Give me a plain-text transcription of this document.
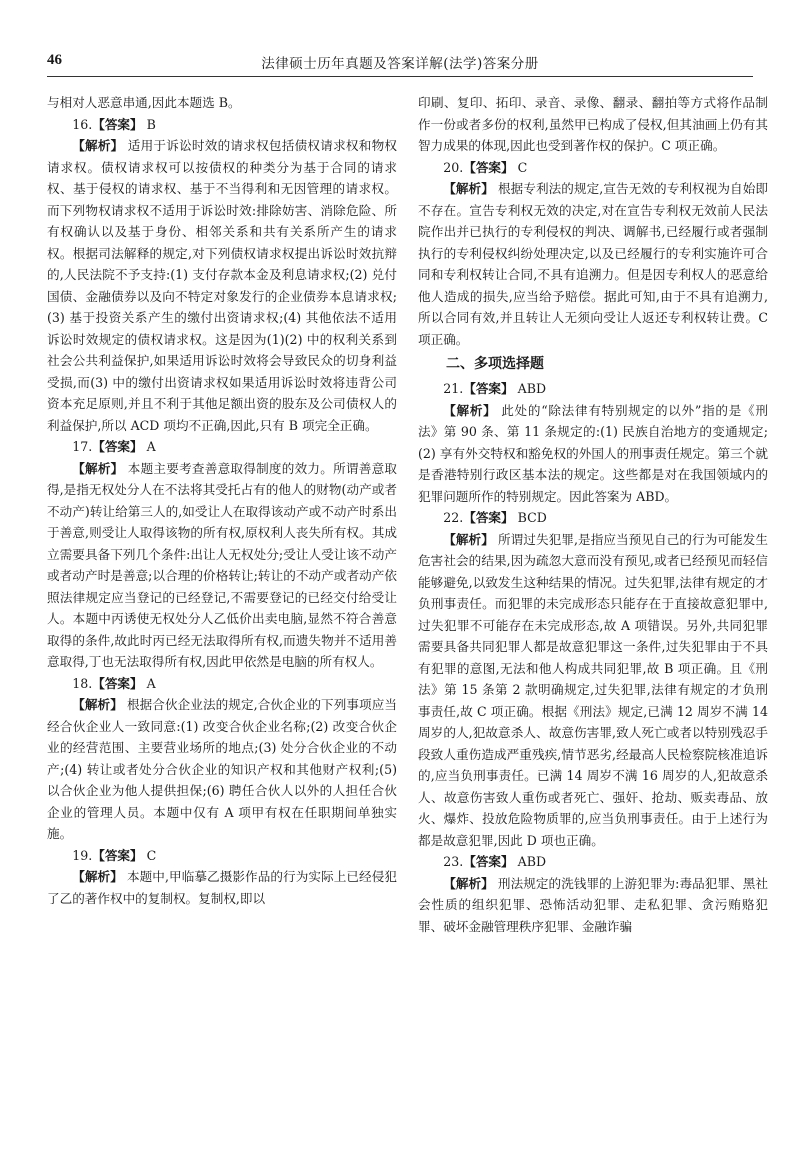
46	法律硕士历年真题及答案详解(法学)答案分册

与相对人恶意串通,因此本题选 B。

16.【答案】 B

【解析】 适用于诉讼时效的请求权包括债权请求权和物权请求权。债权请求权可以按债权的种类分为基于合同的请求权、基于侵权的请求权、基于不当得利和无因管理的请求权。而下列物权请求权不适用于诉讼时效:排除妨害、消除危险、所有权确认以及基于身份、相邻关系和共有关系所产生的请求权。根据司法解释的规定,对下列债权请求权提出诉讼时效抗辩的,人民法院不予支持:(1) 支付存款本金及利息请求权;(2) 兑付国债、金融债券以及向不特定对象发行的企业债券本息请求权;(3) 基于投资关系产生的缴付出资请求权;(4) 其他依法不适用诉讼时效规定的债权请求权。这是因为(1)(2) 中的权利关系到社会公共利益保护,如果适用诉讼时效将会导致民众的切身利益受损,而(3) 中的缴付出资请求权如果适用诉讼时效将违背公司资本充足原则,并且不利于其他足额出资的股东及公司债权人的利益保护,所以 ACD 项均不正确,因此,只有 B 项完全正确。

17.【答案】 A

【解析】 本题主要考查善意取得制度的效力。所谓善意取得,是指无权处分人在不法将其受托占有的他人的财物(动产或者不动产)转让给第三人的,如受让人在取得该动产或不动产时系出于善意,则受让人取得该物的所有权,原权利人丧失所有权。其成立需要具备下列几个条件:出让人无权处分;受让人受让该不动产或者动产时是善意;以合理的价格转让;转让的不动产或者动产依照法律规定应当登记的已经登记,不需要登记的已经交付给受让人。本题中丙诱使无权处分人乙低价出卖电脑,显然不符合善意取得的条件,故此时丙已经无法取得所有权,而遗失物并不适用善意取得,丁也无法取得所有权,因此甲依然是电脑的所有权人。

18.【答案】 A

【解析】 根据合伙企业法的规定,合伙企业的下列事项应当经合伙企业人一致同意:(1) 改变合伙企业名称;(2) 改变合伙企业的经营范围、主要营业场所的地点;(3) 处分合伙企业的不动产;(4) 转让或者处分合伙企业的知识产权和其他财产权利;(5) 以合伙企业为他人提供担保;(6) 聘任合伙人以外的人担任合伙企业的管理人员。本题中仅有 A 项甲有权在任职期间单独实施。

19.【答案】 C

【解析】 本题中,甲临摹乙摄影作品的行为实际上已经侵犯了乙的著作权中的复制权。复制权,即以

印刷、复印、拓印、录音、录像、翻录、翻拍等方式将作品制作一份或者多份的权利,虽然甲已构成了侵权,但其油画上仍有其智力成果的体现,因此也受到著作权的保护。C 项正确。

20.【答案】 C

【解析】 根据专利法的规定,宣告无效的专利权视为自始即不存在。宣告专利权无效的决定,对在宣告专利权无效前人民法院作出并已执行的专利侵权的判决、调解书,已经履行或者强制执行的专利侵权纠纷处理决定,以及已经履行的专利实施许可合同和专利权转让合同,不具有追溯力。但是因专利权人的恶意给他人造成的损失,应当给予赔偿。据此可知,由于不具有追溯力,所以合同有效,并且转让人无须向受让人返还专利权转让费。C 项正确。

二、多项选择题

21.【答案】 ABD

【解析】 此处的“除法律有特别规定的以外”指的是《刑法》第 90 条、第 11 条规定的:(1) 民族自治地方的变通规定;(2) 享有外交特权和豁免权的外国人的刑事责任规定。第三个就是香港特别行政区基本法的规定。这些都是对在我国领域内的犯罪问题所作的特别规定。因此答案为 ABD。

22.【答案】 BCD

【解析】 所谓过失犯罪,是指应当预见自己的行为可能发生危害社会的结果,因为疏忽大意而没有预见,或者已经预见而轻信能够避免,以致发生这种结果的情况。过失犯罪,法律有规定的才负刑事责任。而犯罪的未完成形态只能存在于直接故意犯罪中,过失犯罪不可能存在未完成形态,故 A 项错误。另外,共同犯罪需要具备共同犯罪人都是故意犯罪这一条件,过失犯罪由于不具有犯罪的意图,无法和他人构成共同犯罪,故 B 项正确。且《刑法》第 15 条第 2 款明确规定,过失犯罪,法律有规定的才负刑事责任,故 C 项正确。根据《刑法》规定,已满 12 周岁不满 14 周岁的人,犯故意杀人、故意伤害罪,致人死亡或者以特别残忍手段致人重伤造成严重残疾,情节恶劣,经最高人民检察院核准追诉的,应当负刑事责任。已满 14 周岁不满 16 周岁的人,犯故意杀人、故意伤害致人重伤或者死亡、强奸、抢劫、贩卖毒品、放火、爆炸、投放危险物质罪的,应当负刑事责任。由于上述行为都是故意犯罪,因此 D 项也正确。

23.【答案】 ABD

【解析】 刑法规定的洗钱罪的上游犯罪为:毒品犯罪、黑社会性质的组织犯罪、恐怖活动犯罪、走私犯罪、贪污贿赂犯罪、破坏金融管理秩序犯罪、金融诈骗
